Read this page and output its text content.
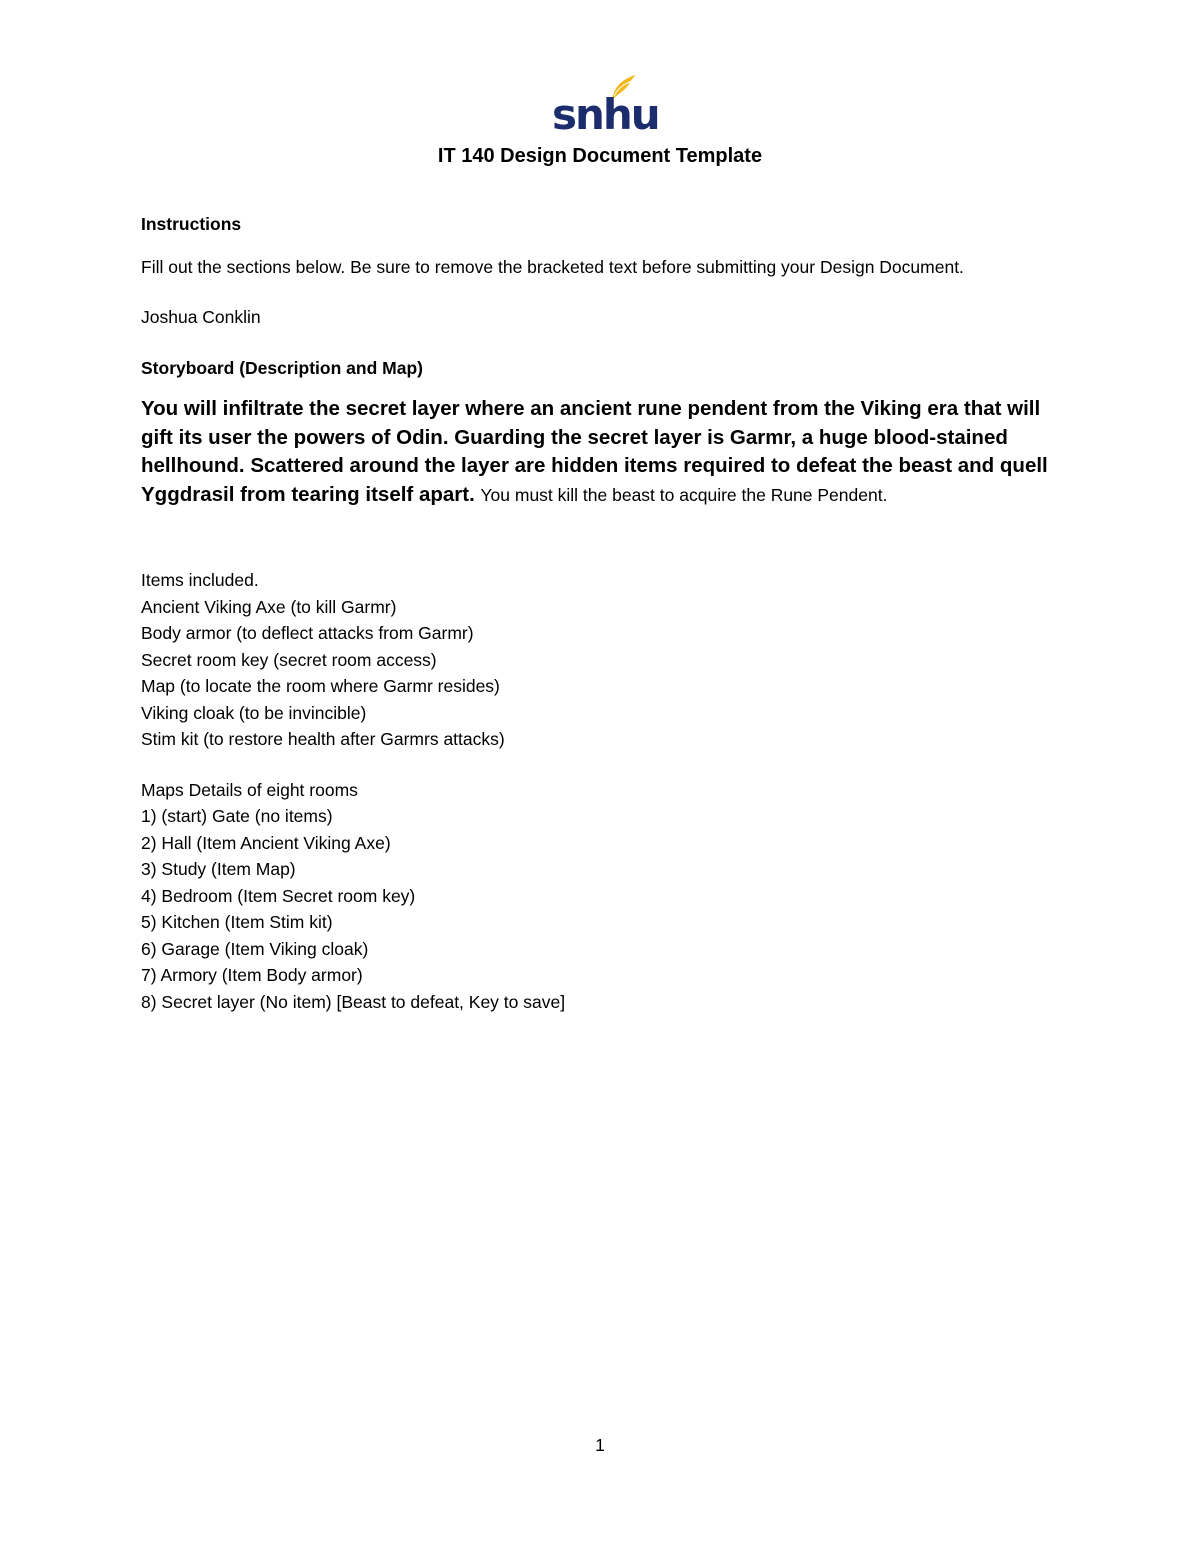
snhu
IT 140 Design Document Template

Instructions

Fill out the sections below. Be sure to remove the bracketed text before submitting your Design Document.

Joshua Conklin

Storyboard (Description and Map)

You will infiltrate the secret layer where an ancient rune pendent from the Viking era that will gift its user the powers of Odin. Guarding the secret layer is Garmr, a huge blood-stained hellhound. Scattered around the layer are hidden items required to defeat the beast and quell Yggdrasil from tearing itself apart. You must kill the beast to acquire the Rune Pendent.

Items included.
Ancient Viking Axe (to kill Garmr)
Body armor (to deflect attacks from Garmr)
Secret room key (secret room access)
Map (to locate the room where Garmr resides)
Viking cloak (to be invincible)
Stim kit (to restore health after Garmrs attacks)
Maps Details of eight rooms
1) (start) Gate (no items)
2) Hall (Item Ancient Viking Axe)
3) Study (Item Map)
4) Bedroom (Item Secret room key)
5) Kitchen (Item Stim kit)
6) Garage (Item Viking cloak)
7) Armory (Item Body armor)
8) Secret layer (No item) [Beast to defeat, Key to save]
1
